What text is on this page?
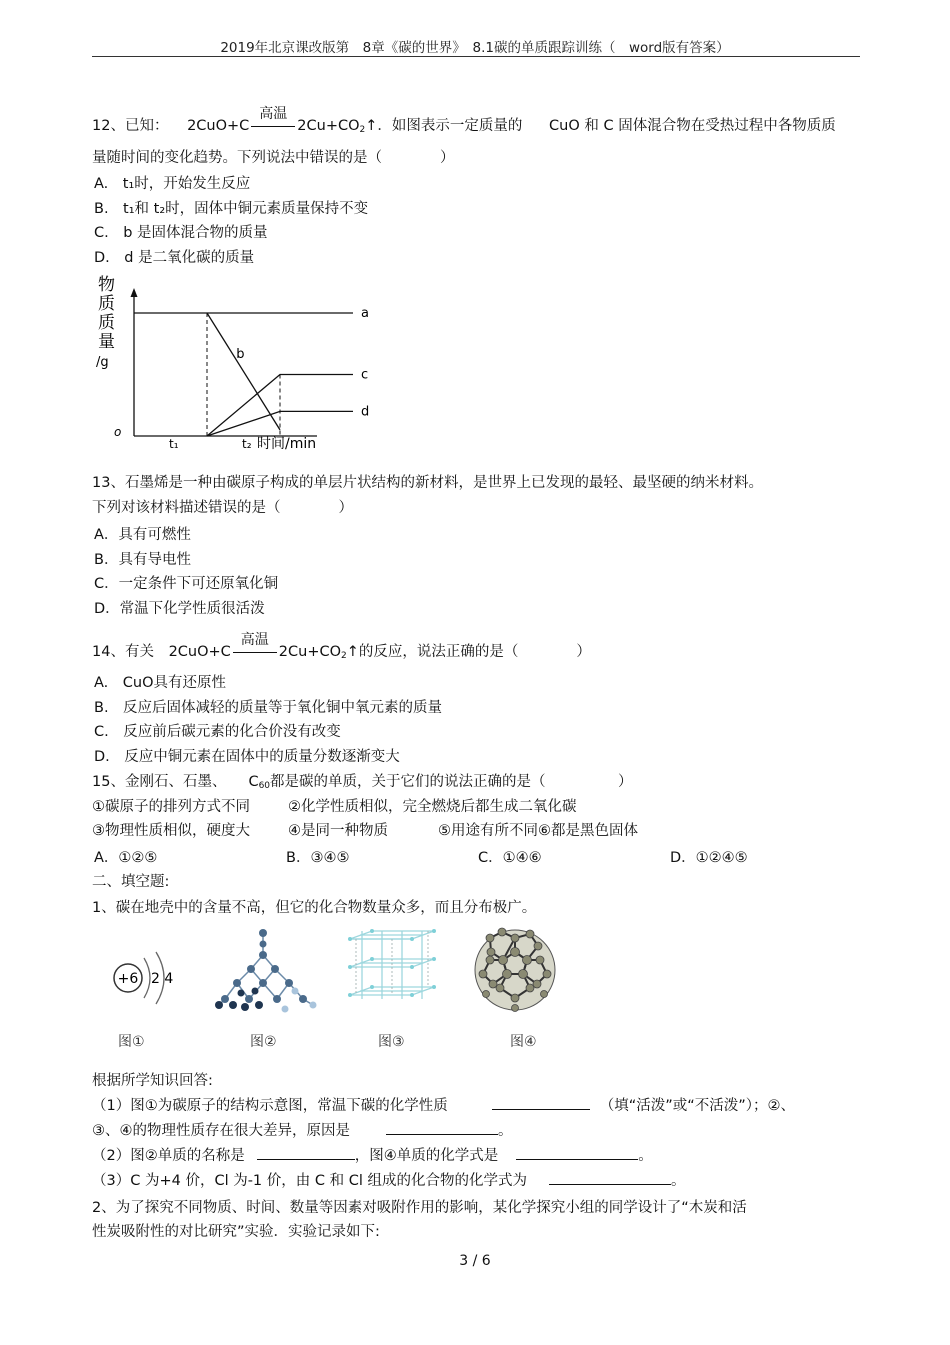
2019年北京课改版第　8章《碳的世界》　8.1碳的单质跟踪训练（　word版有答案）
12、已知： 2CuO+C
高温
$2Cu+CO_2↑$．如图表示一定质量的 CuO 和 C 固体混合物在受热过程中各物质质
量随时间的变化趋势。下列说法中错误的是（　　　　）
A.　t₁时，开始发生反应
B.　t₁和 t₂时，固体中铜元素质量保持不变
C.　b 是固体混合物的质量
D.　d 是二氧化碳的质量
物
质
质
量
/g
o
a
b
c
d
t₁	t₂ 时间/min
13、石墨烯是一种由碳原子构成的单层片状结构的新材料，是世界上已发现的最轻、最坚硬的纳米材料。
下列对该材料描述错误的是（　　　　）
A．具有可燃性
B．具有导电性
C．一定条件下可还原氧化铜
D．常温下化学性质很活泼
14、有关 2CuO+C
高温
$2Cu+CO_2↑$的反应，说法正确的是（　　　　）
A.　CuO具有还原性
B.　反应后固体减轻的质量等于氧化铜中氧元素的质量
C.　反应前后碳元素的化合价没有改变
D.　反应中铜元素在固体中的质量分数逐渐变大
15、金刚石、石墨、 $C_{60}$都是碳的单质，关于它们的说法正确的是（　　　　　）
①碳原子的排列方式不同	②化学性质相似，完全燃烧后都生成二氧化碳
③物理性质相似，硬度大	④是同一种物质	⑤用途有所不同⑥都是黑色固体
A．①②⑤	B．③④⑤	C．①④⑥	D．①②④⑤
二、填空题:
1、碳在地壳中的含量不高，但它的化合物数量众多，而且分布极广。
+6 2 4
图①	图②	图③	图④
根据所学知识回答:
（1）图①为碳原子的结构示意图，常温下碳的化学性质	（填“活泼”或“不活泼”）；②、
③、④的物理性质存在很大差异，原因是	。
（2）图②单质的名称是	，图④单质的化学式是	。
（3）C 为+4 价，Cl 为-1 价，由 C 和 Cl 组成的化合物的化学式为	。
2、为了探究不同物质、时间、数量等因素对吸附作用的影响，某化学探究小组的同学设计了“木炭和活
性炭吸附性的对比研究”实验．实验记录如下:
3 / 6
